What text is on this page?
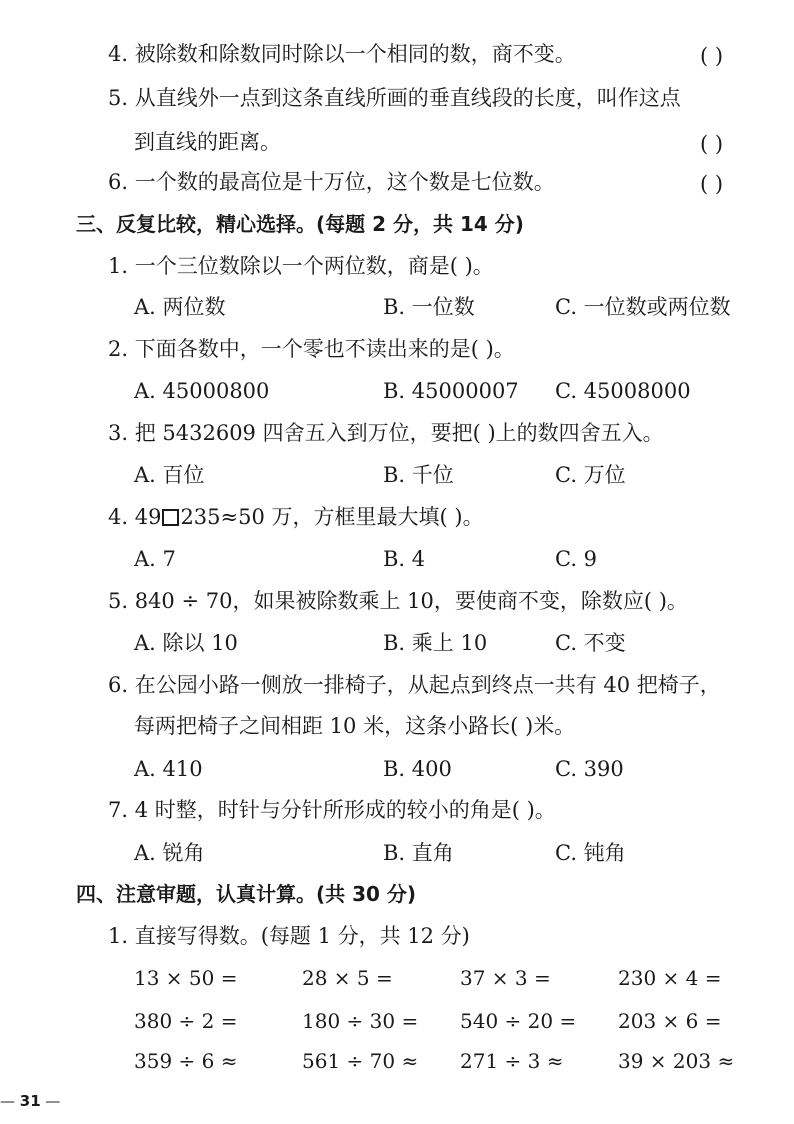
4. 被除数和除数同时除以一个相同的数，商不变。	( )
5. 从直线外一点到这条直线所画的垂直线段的长度，叫作这点
到直线的距离。	( )
6. 一个数的最高位是十万位，这个数是七位数。	( )
三、反复比较，精心选择。(每题 2 分，共 14 分)
1. 一个三位数除以一个两位数，商是( )。
A. 两位数	B. 一位数	C. 一位数或两位数
2. 下面各数中，一个零也不读出来的是( )。
A. 45000800	B. 45000007 C. 45008000
3. 把 5432609 四舍五入到万位，要把( )上的数四舍五入。
A. 百位	B. 千位	C. 万位
4. 49 235≈50 万，方框里最大填( )。
A. 7	B. 4	C. 9
5. 840 ÷ 70，如果被除数乘上 10，要使商不变，除数应( )。
A. 除以 10	B. 乘上 10	C. 不变
6. 在公园小路一侧放一排椅子，从起点到终点一共有 40 把椅子，
每两把椅子之间相距 10 米，这条小路长( )米。
A. 410	B. 400	C. 390
7. 4 时整，时针与分针所形成的较小的角是( )。
A. 锐角	B. 直角	C. 钝角
四、注意审题，认真计算。(共 30 分)
1. 直接写得数。(每题 1 分，共 12 分)
13 × 50 =	28 × 5 =	37 × 3 =	230 × 4 =
380 ÷ 2 =	180 ÷ 30 = 540 ÷ 20 = 203 × 6 =
359 ÷ 6 ≈	561 ÷ 70 ≈ 271 ÷ 3 ≈	39 × 203 ≈
— 31 —
